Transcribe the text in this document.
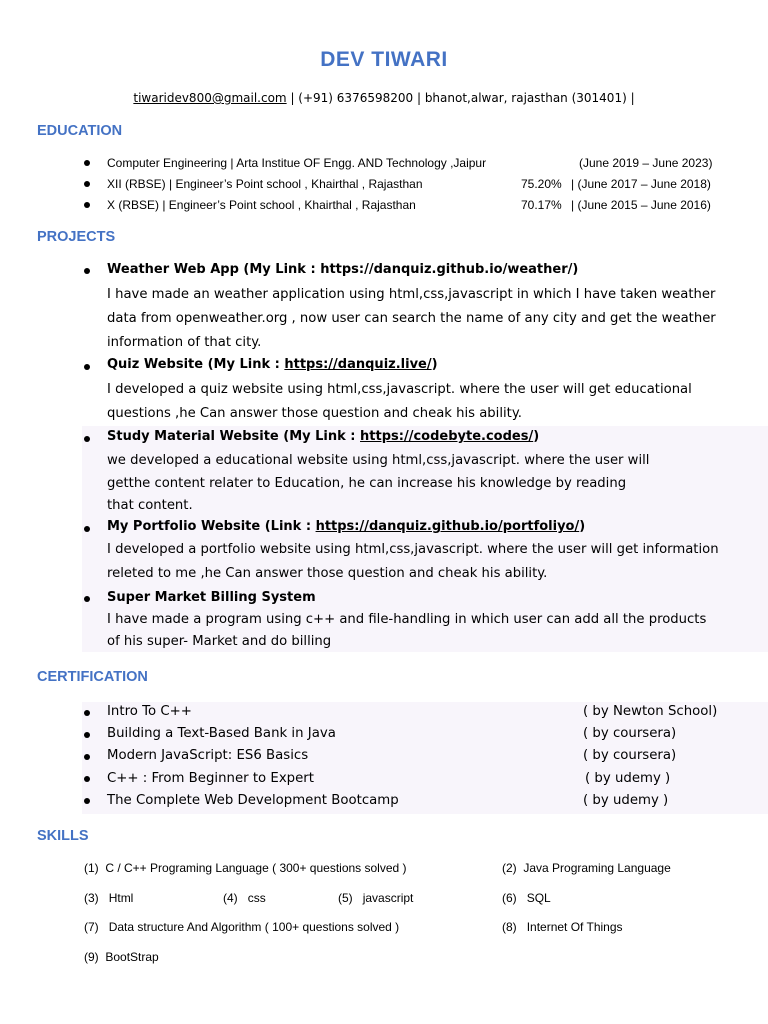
DEV TIWARI
tiwaridev800@gmail.com | (+91) 6376598200 | bhanot,alwar, rajasthan (301401) |
EDUCATION
Computer Engineering | Arta Institue OF Engg. AND Technology ,Jaipur	(June 2019 – June 2023)
XII (RBSE) | Engineer’s Point school , Khairthal , Rajasthan	75.20% | (June 2017 – June 2018)
X (RBSE) | Engineer’s Point school , Khairthal , Rajasthan	70.17% | (June 2015 – June 2016)
PROJECTS
Weather Web App (My Link : https://danquiz.github.io/weather/)
I have made an weather application using html,css,javascript in which I have taken weather
data from openweather.org , now user can search the name of any city and get the weather
information of that city.
Quiz Website (My Link : https://danquiz.live/)
I developed a quiz website using html,css,javascript. where the user will get educational
questions ,he Can answer those question and cheak his ability.
Study Material Website (My Link : https://codebyte.codes/)
we developed a educational website using html,css,javascript. where the user will
getthe content relater to Education, he can increase his knowledge by reading
that content.
My Portfolio Website (Link : https://danquiz.github.io/portfoliyo/)
I developed a portfolio website using html,css,javascript. where the user will get information
releted to me ,he Can answer those question and cheak his ability.
Super Market Billing System
I have made a program using c++ and file-handling in which user can add all the products
of his super- Market and do billing
CERTIFICATION
Intro To C++	( by Newton School)
Building a Text-Based Bank in Java	( by coursera)
Modern JavaScript: ES6 Basics	( by coursera)
C++ : From Beginner to Expert	( by udemy )
The Complete Web Development Bootcamp	( by udemy )
SKILLS
(1) C / C++ Programing Language ( 300+ questions solved )	(2) Java Programing Language
(3) Html	(4) css	(5) javascript	(6) SQL
(7) Data structure And Algorithm ( 100+ questions solved )	(8) Internet Of Things
(9) BootStrap
